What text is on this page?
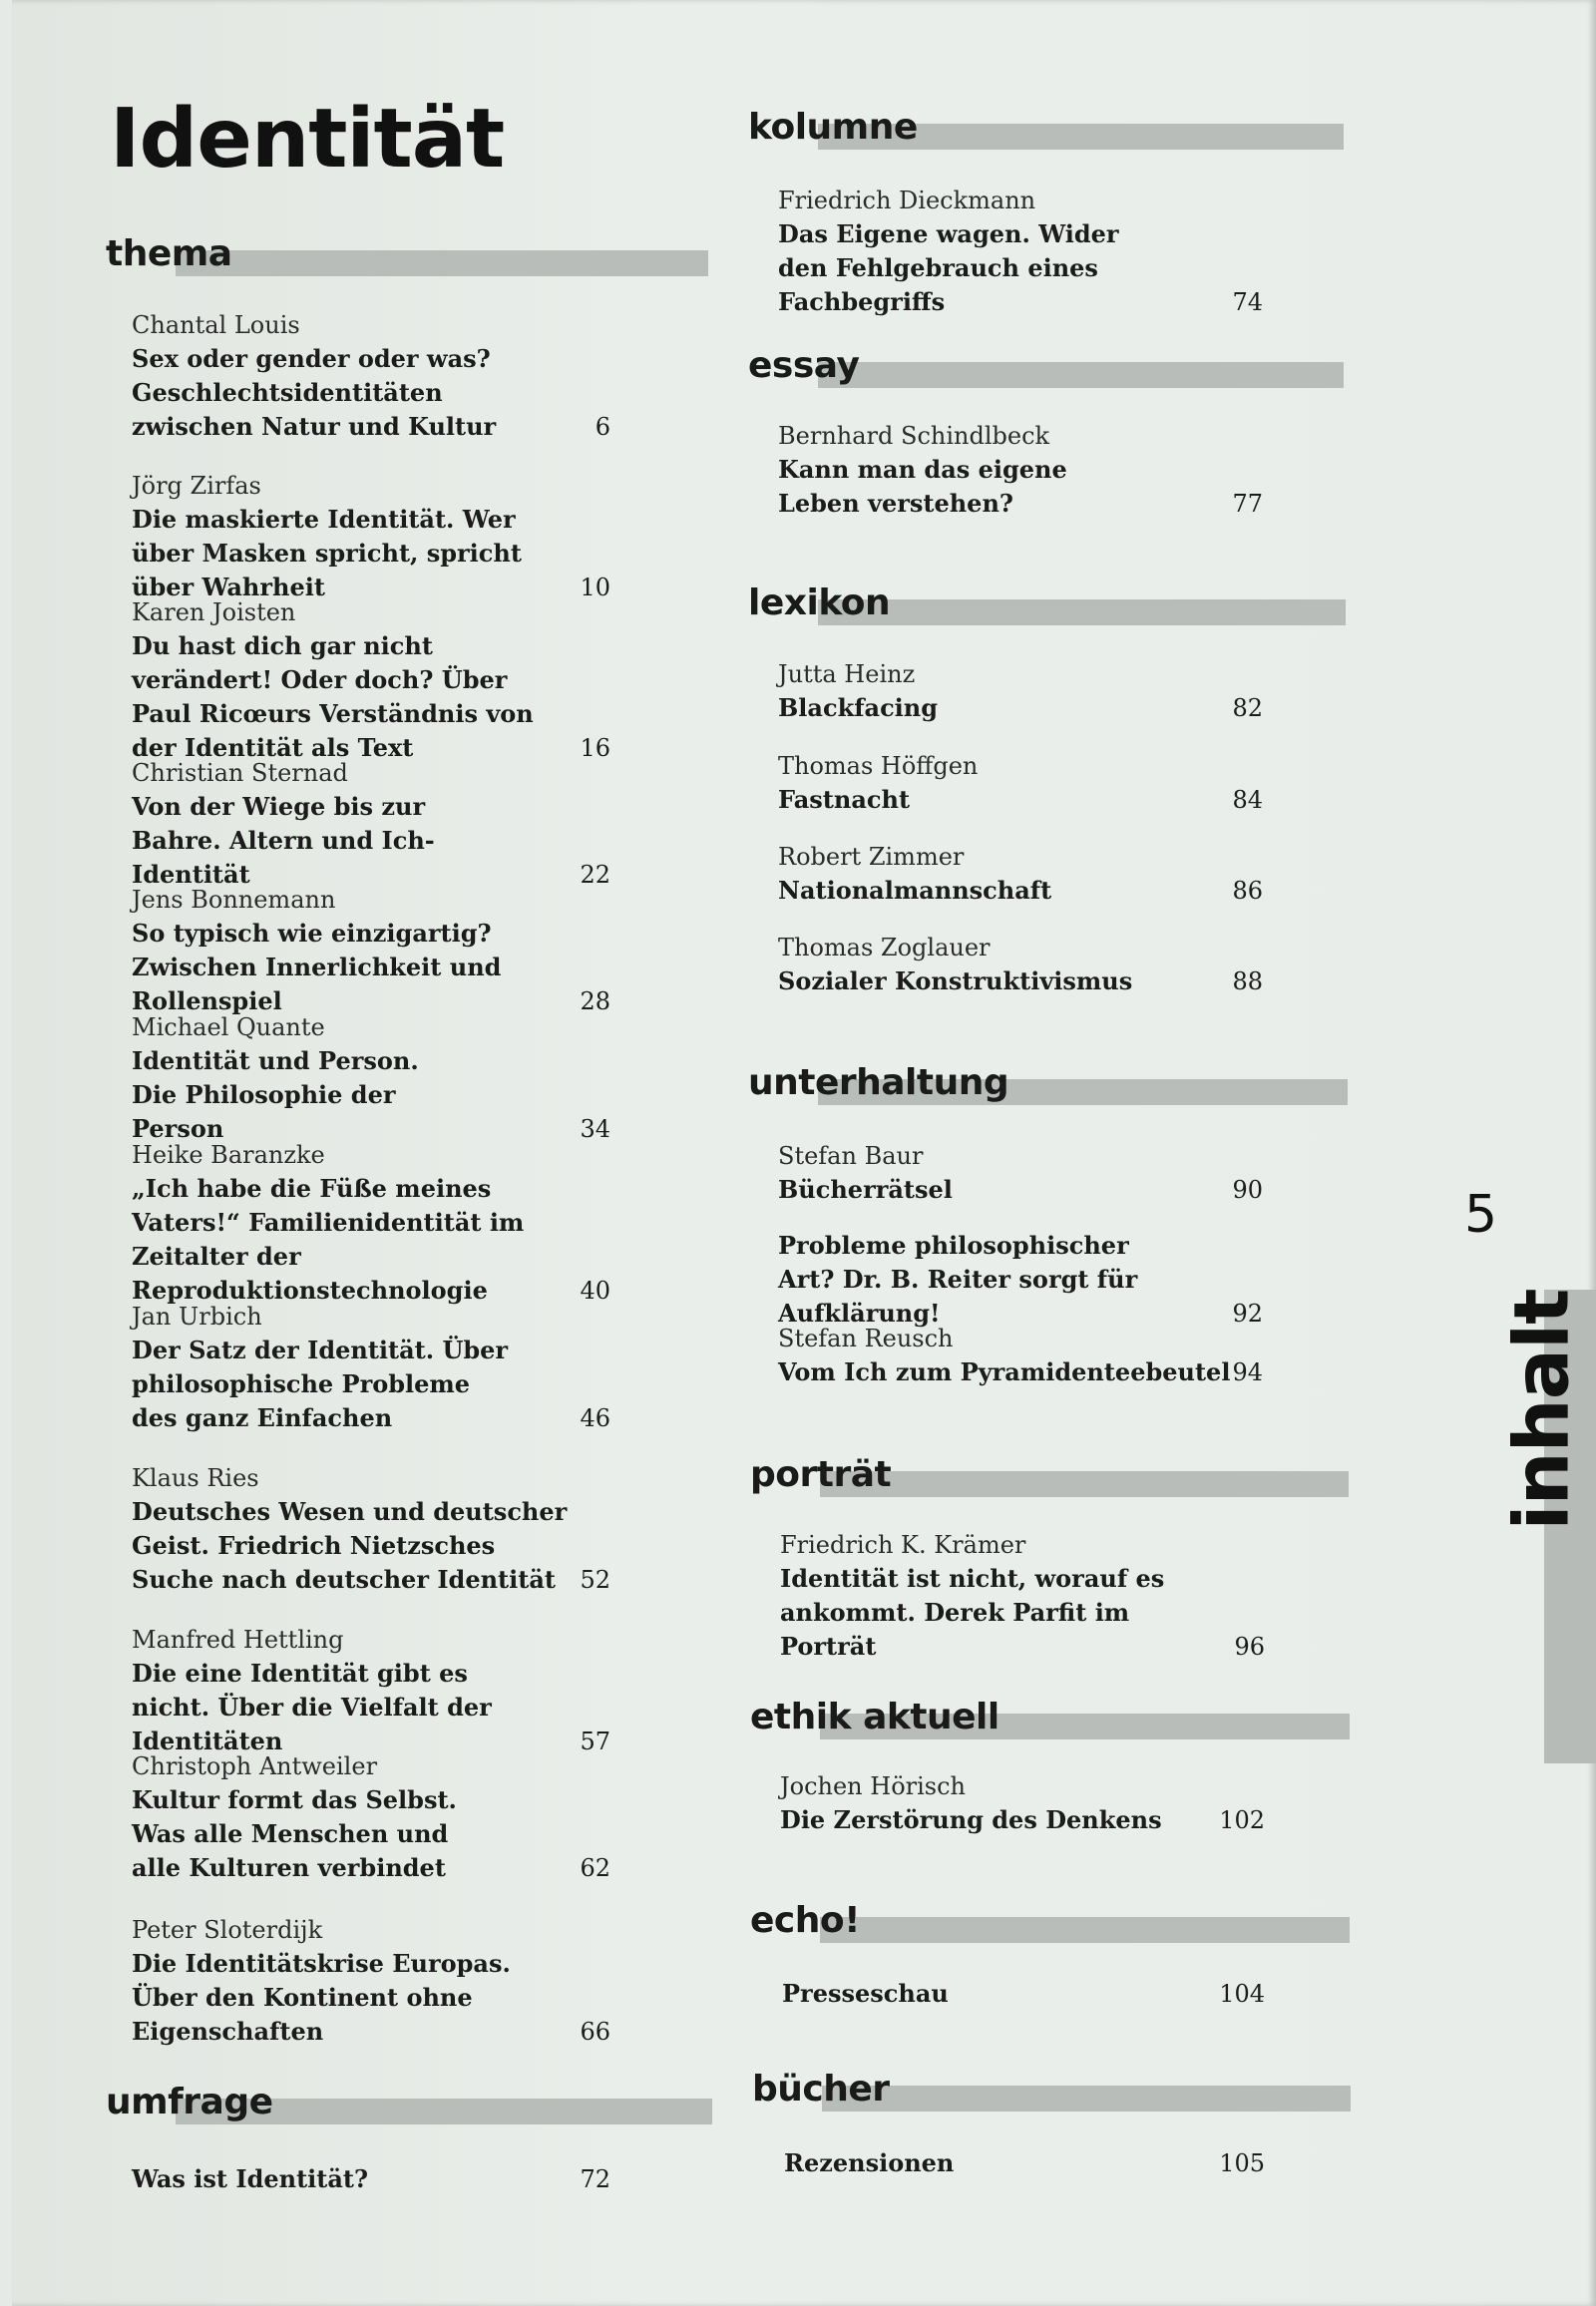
Identität
thema
Chantal Louis
Sex oder gender oder was? Geschlechtsidentitäten zwischen Natur und Kultur	6
Jörg Zirfas
Die maskierte Identität. Wer über Masken spricht, spricht über Wahrheit	10
Karen Joisten
Du hast dich gar nicht verändert! Oder doch? Über Paul Ricœurs Verständnis von der Identität als Text	16
Christian Sternad
Von der Wiege bis zur Bahre. Altern und Ich-Identität	22
Jens Bonnemann
So typisch wie einzigartig? Zwischen Innerlichkeit und Rollenspiel	28
Michael Quante
Identität und Person. Die Philosophie der Person	34
Heike Baranzke
„Ich habe die Füße meines Vaters!“ Familienidentität im Zeitalter der Reproduktionstechnologie	40
Jan Urbich
Der Satz der Identität. Über philosophische Probleme des ganz Einfachen	46
Klaus Ries
Deutsches Wesen und deutscher Geist. Friedrich Nietzsches Suche nach deutscher Identität	52
Manfred Hettling
Die eine Identität gibt es nicht. Über die Vielfalt der Identitäten	57
Christoph Antweiler
Kultur formt das Selbst. Was alle Menschen und alle Kulturen verbindet	62
Peter Sloterdijk
Die Identitätskrise Europas. Über den Kontinent ohne Eigenschaften	66
umfrage
Was ist Identität?	72
kolumne
Friedrich Dieckmann
Das Eigene wagen. Wider den Fehlgebrauch eines Fachbegriffs	74
essay
Bernhard Schindlbeck
Kann man das eigene Leben verstehen?	77
lexikon
Jutta Heinz
Blackfacing	82
Thomas Höffgen
Fastnacht	84
Robert Zimmer
Nationalmannschaft	86
Thomas Zoglauer
Sozialer Konstruktivismus	88
unterhaltung
Stefan Baur
Bücherrätsel	90
Probleme philosophischer Art? Dr. B. Reiter sorgt für Aufklärung!	92
Stefan Reusch
Vom Ich zum Pyramidenteebeutel 94
porträt
Friedrich K. Krämer
Identität ist nicht, worauf es ankommt. Derek Parfit im Porträt	96
ethik aktuell
Jochen Hörisch
Die Zerstörung des Denkens	102
echo!
Presseschau	104
bücher
Rezensionen	105
5
inhalt
